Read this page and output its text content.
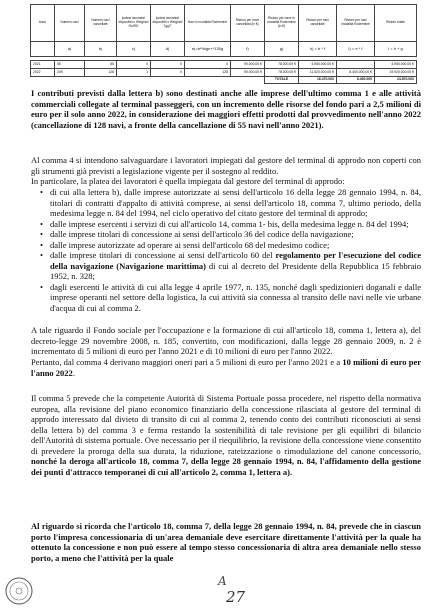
Anno	Numero navi	Numero navi cancellate	Ipotesi lavoratori disponibili x Weighed Ro/RO	Ipotesi lavoratori disponibili x Weighed 7gg/7	Navi in modalità Rodermine	Ristoro per nave cancellata (in €)	Ristoro per nave in modalità Rodermine (in €)	Ristoro per navi cancellate	Ristoro per navi modalità Rodermine	Ristoro totale
	a)	b)	c)	d)	e)=b*%lgn+*130g	f)	g)	h) = b * f	i) = e * f	l = h + g

2021	55	55	0	0	0	90.000,00 €	78.000,00 €	4.950.000,00 €	-	4.950.000,00 €
2022	249	128	1	0	128	90.000,00 €	78.000,00 €	11.520.000,00 €	8.400.000,00 €	19.920.000,00 €
							TOTALE	16.470.000	8.400.000	24.870.000

I contributi previsti dalla lettera b) sono destinati anche alle imprese dell'ultimo comma 1 e alle attività commerciali collegate al terminal passeggeri, con un incremento delle risorse del fondo pari a 2,5 milioni di euro per il solo anno 2022, in considerazione dei maggiori effetti prodotti dal provvedimento nell'anno 2022 (cancellazione di 128 navi, a fronte della cancellazione di 55 navi nell'anno 2021).

Al comma 4 si intendono salvaguardare i lavoratori impiegati dal gestore del terminal di approdo non coperti con gli strumenti già previsti a legislazione vigente per il sostegno al reddito.

In particolare, la platea dei lavoratori è quella impiegata dal gestore del terminal di approdo:

• di cui alla lettera b), dalle imprese autorizzate ai sensi dell'articolo 16 della legge 28 gennaio 1994, n. 84, titolari di contratti d'appalto di attività comprese, ai sensi dell'articolo 18, comma 7, ultimo periodo, della medesima legge n. 84 del 1994, nel ciclo operativo del citato gestore del terminal di approdo;
• dalle imprese esercenti i servizi di cui all'articolo 14, comma 1- bis, della medesima legge n. 84 del 1994;
• dalle imprese titolari di concessione ai sensi dell'articolo 36 del codice della navigazione;
• dalle imprese autorizzate ad operare ai sensi dell'articolo 68 del medesimo codice;
• dalle imprese titolari di concessione ai sensi dell'articolo 60 del regolamento per l'esecuzione del codice della navigazione (Navigazione marittima) di cui al decreto del Presidente della Repubblica 15 febbraio 1952, n. 328;
• dagli esercenti le attività di cui alla legge 4 aprile 1977, n. 135, nonché dagli spedizionieri doganali e dalle imprese operanti nel settore della logistica, la cui attività sia connessa al transito delle navi nelle vie urbane d'acqua di cui al comma 2.

A tale riguardo il Fondo sociale per l'occupazione e la formazione di cui all'articolo 18, comma 1, lettera a), del decreto-legge 29 novembre 2008, n. 185, convertito, con modificazioni, dalla legge 28 gennaio 2009, n. 2 è incrementato di 5 milioni di euro per l'anno 2021 e di 10 milioni di euro per l'anno 2022.

Pertanto, dal comma 4 derivano maggiori oneri pari a 5 milioni di euro per l'anno 2021 e a 10 milioni di euro per l'anno 2022.

Il comma 5 prevede che la competente Autorità di Sistema Portuale possa procedere, nel rispetto della normativa europea, alla revisione del piano economico finanziario della concessione rilasciata al gestore del terminal di approdo interessato dal divieto di transito di cui al comma 2, tenendo conto dei contributi riconosciuti ai sensi della lettera b) del comma 3 e ferma restando la sostenibilità di tale revisione per gli equilibri di bilancio dell'Autorità di sistema portuale. Ove necessario per il riequilibrio, la revisione della concessione viene consentito di prevedere la proroga della sua durata, la riduzione, rateizzazione o rimodulazione del canone concessorio, nonché la deroga all'articolo 18, comma 7, della legge 28 gennaio 1994, n. 84, l'affidamento della gestione dei punti d'attracco temporanei di cui all'articolo 2, comma 1, lettera a).

Al riguardo si ricorda che l'articolo 18, comma 7, della legge 28 gennaio 1994, n. 84, prevede che in ciascun porto l'impresa concessionaria di un'area demaniale deve esercitare direttamente l'attività per la quale ha ottenuto la concessione e non può essere al tempo stesso concessionaria di altra area demaniale nello stesso porto, a meno che l'attività per la quale

A
27
